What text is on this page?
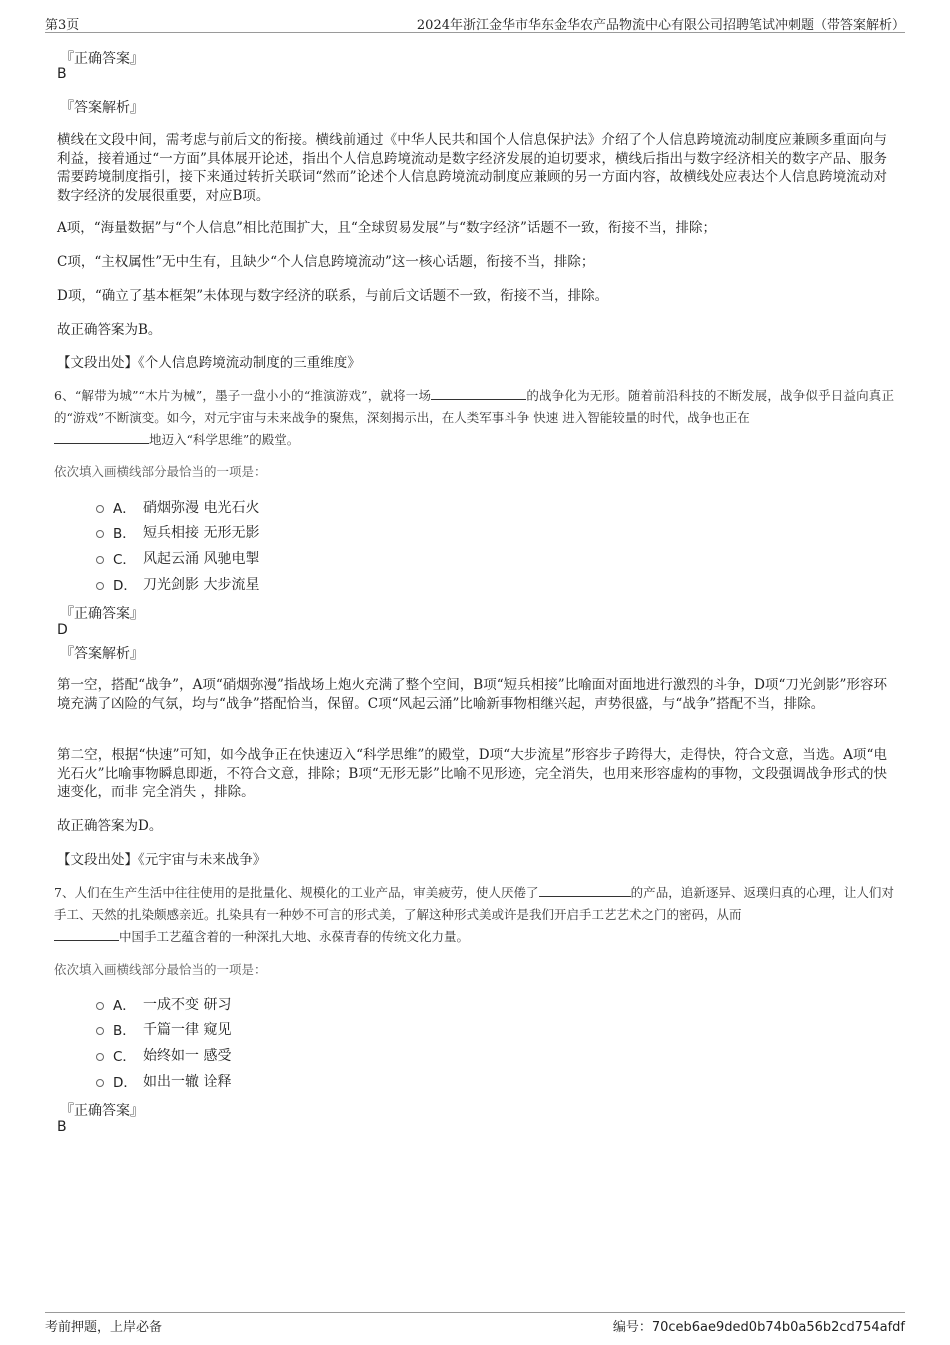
第3页	2024年浙江金华市华东金华农产品物流中心有限公司招聘笔试冲刺题（带答案解析）
『正确答案』
B
『答案解析』
横线在文段中间，需考虑与前后文的衔接。横线前通过《中华人民共和国个人信息保护法》介绍了个人信息跨境流动制度应兼顾多重面向与利益，接着通过“一方面”具体展开论述，指出个人信息跨境流动是数字经济发展的迫切要求，横线后指出与数字经济相关的数字产品、服务需要跨境制度指引，接下来通过转折关联词“然而”论述个人信息跨境流动制度应兼顾的另一方面内容，故横线处应表达个人信息跨境流动对数字经济的发展很重要，对应B项。
A项，“海量数据”与“个人信息”相比范围扩大，且“全球贸易发展”与“数字经济”话题不一致，衔接不当，排除；
C项，“主权属性”无中生有，且缺少“个人信息跨境流动”这一核心话题，衔接不当，排除；
D项，“确立了基本框架”未体现与数字经济的联系，与前后文话题不一致，衔接不当，排除。
故正确答案为B。
【文段出处】《个人信息跨境流动制度的三重维度》
6、“解带为城”“木片为械”，墨子一盘小小的“推演游戏”，就将一场	的战争化为无形。随着前沿科技的不断发展，战争似乎日益向真正的“游戏”不断演变。如今，对元宇宙与未来战争的聚焦，深刻揭示出，在人类军事斗争 快速 进入智能较量的时代，战争也正在
地迈入“科学思维”的殿堂。
依次填入画横线部分最恰当的一项是：
A． 硝烟弥漫 电光石火
B． 短兵相接 无形无影
C． 风起云涌 风驰电掣
D． 刀光剑影 大步流星
『正确答案』
D
『答案解析』
第一空，搭配“战争”，A项“硝烟弥漫”指战场上炮火充满了整个空间，B项“短兵相接”比喻面对面地进行激烈的斗争，D项“刀光剑影”形容环境充满了凶险的气氛，均与“战争”搭配恰当，保留。C项“风起云涌”比喻新事物相继兴起，声势很盛，与“战争”搭配不当，排除。
第二空，根据“快速”可知，如今战争正在快速迈入“科学思维”的殿堂，D项“大步流星”形容步子跨得大，走得快，符合文意，当选。A项“电光石火”比喻事物瞬息即逝，不符合文意，排除；B项“无形无影”比喻不见形迹，完全消失，也用来形容虚构的事物，文段强调战争形式的快速变化，而非 完全消失 ，排除。
故正确答案为D。
【文段出处】《元宇宙与未来战争》
7、人们在生产生活中往往使用的是批量化、规模化的工业产品，审美疲劳，使人厌倦了	的产品，追新逐异、返璞归真的心理，让人们对手工、天然的扎染颇感亲近。扎染具有一种妙不可言的形式美，了解这种形式美或许是我们开启手工艺艺术之门的密码，从而
中国手工艺蕴含着的一种深扎大地、永葆青春的传统文化力量。
依次填入画横线部分最恰当的一项是：
A． 一成不变 研习
B． 千篇一律 窥见
C． 始终如一 感受
D． 如出一辙 诠释
『正确答案』
B
考前押题，上岸必备	编号：70ceb6ae9ded0b74b0a56b2cd754afdf
